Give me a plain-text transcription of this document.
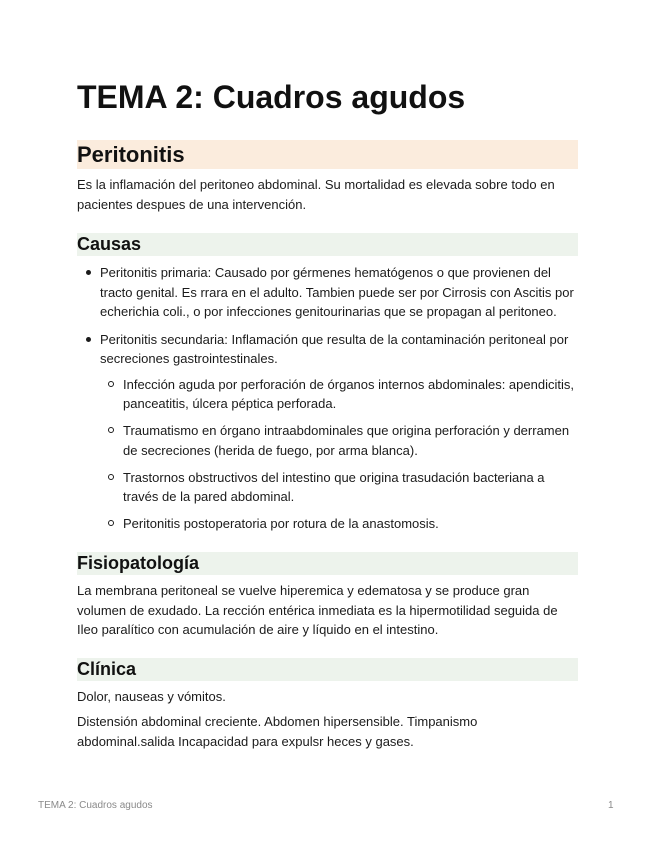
TEMA 2: Cuadros agudos
Peritonitis

Es la inflamación del peritoneo abdominal. Su mortalidad es elevada sobre todo en pacientes despues de una intervención.

Causas
Peritonitis primaria: Causado por gérmenes hematógenos o que provienen del tracto genital. Es rrara en el adulto. Tambien puede ser por Cirrosis con Ascitis por echerichia coli., o por infecciones genitourinarias que se propagan al peritoneo.
Peritonitis secundaria: Inflamación que resulta de la contaminación peritoneal por secreciones gastrointestinales.
Infección aguda por perforación de órganos internos abdominales: apendicitis, panceatitis, úlcera péptica perforada.
Traumatismo en órgano intraabdominales que origina perforación y derramen de secreciones (herida de fuego, por arma blanca).
Trastornos obstructivos del intestino que origina trasudación bacteriana a través de la pared abdominal.
Peritonitis postoperatoria por rotura de la anastomosis.
Fisiopatología

La membrana peritoneal se vuelve hiperemica y edematosa y se produce gran volumen de exudado. La rección entérica inmediata es la hipermotilidad seguida de Ileo paralítico con acumulación de aire y líquido en el intestino.

Clínica

Dolor, nauseas y vómitos.

Distensión abdominal creciente. Abdomen hipersensible. Timpanismo abdominal.salida Incapacidad para expulsr heces y gases.

TEMA 2: Cuadros agudos	1
